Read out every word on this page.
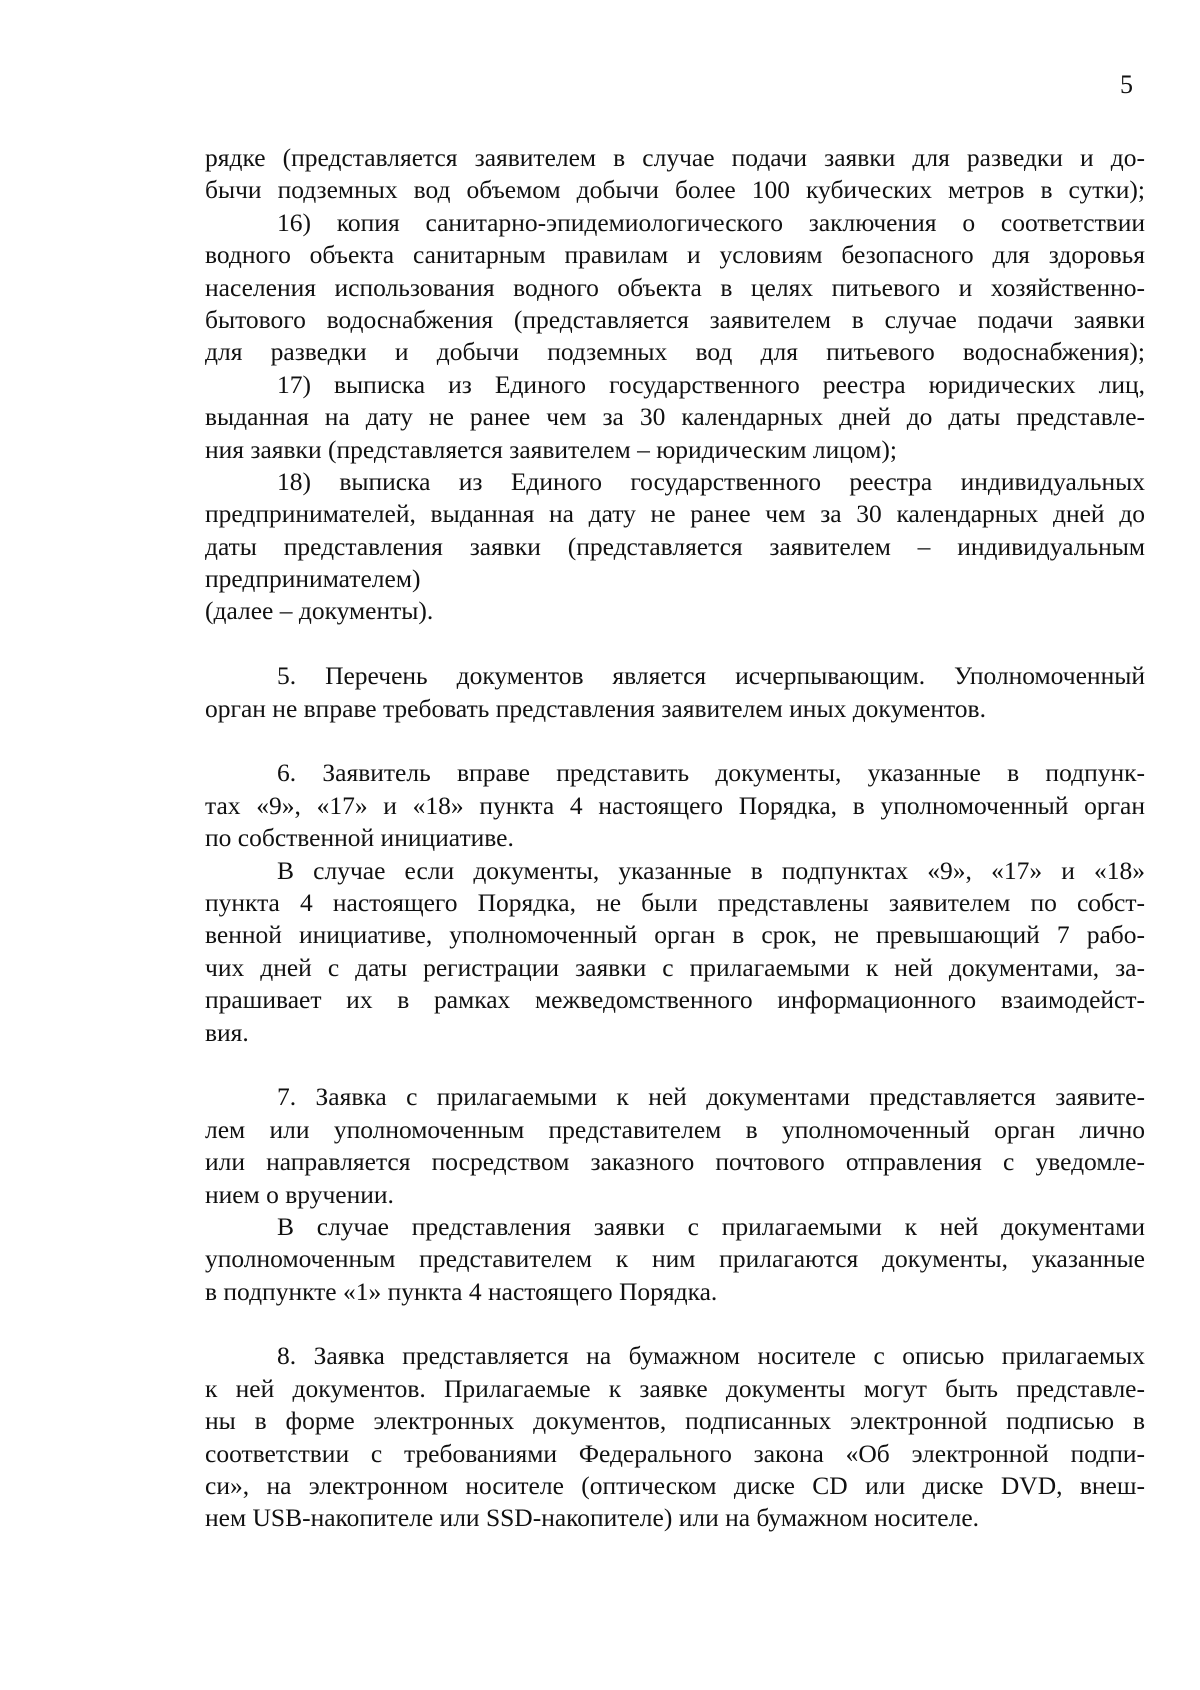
5
рядке (представляется заявителем в случае подачи заявки для разведки и до-
бычи подземных вод объемом добычи более 100 кубических метров в сутки);
16) копия санитарно-эпидемиологического заключения о соответствии
водного объекта санитарным правилам и условиям безопасного для здоровья
населения использования водного объекта в целях питьевого и хозяйственно-
бытового водоснабжения (представляется заявителем в случае подачи заявки
для разведки и добычи подземных вод для питьевого водоснабжения);
17) выписка из Единого государственного реестра юридических лиц,
выданная на дату не ранее чем за 30 календарных дней до даты представле-
ния заявки (представляется заявителем – юридическим лицом);
18) выписка из Единого государственного реестра индивидуальных
предпринимателей, выданная на дату не ранее чем за 30 календарных дней до
даты представления заявки (представляется заявителем – индивидуальным
предпринимателем)
(далее – документы).
5. Перечень документов является исчерпывающим. Уполномоченный
орган не вправе требовать представления заявителем иных документов.
6. Заявитель вправе представить документы, указанные в подпунк-
тах «9», «17» и «18» пункта 4 настоящего Порядка, в уполномоченный орган
по собственной инициативе.
В случае если документы, указанные в подпунктах «9», «17» и «18»
пункта 4 настоящего Порядка, не были представлены заявителем по собст-
венной инициативе, уполномоченный орган в срок, не превышающий 7 рабо-
чих дней с даты регистрации заявки с прилагаемыми к ней документами, за-
прашивает их в рамках межведомственного информационного взаимодейст-
вия.
7. Заявка с прилагаемыми к ней документами представляется заявите-
лем или уполномоченным представителем в уполномоченный орган лично
или направляется посредством заказного почтового отправления с уведомле-
нием о вручении.
В случае представления заявки с прилагаемыми к ней документами
уполномоченным представителем к ним прилагаются документы, указанные
в подпункте «1» пункта 4 настоящего Порядка.
8. Заявка представляется на бумажном носителе с описью прилагаемых
к ней документов. Прилагаемые к заявке документы могут быть представле-
ны в форме электронных документов, подписанных электронной подписью в
соответствии с требованиями Федерального закона «Об электронной подпи-
си», на электронном носителе (оптическом диске CD или диске DVD, внеш-
нем USB-накопителе или SSD-накопителе) или на бумажном носителе.
